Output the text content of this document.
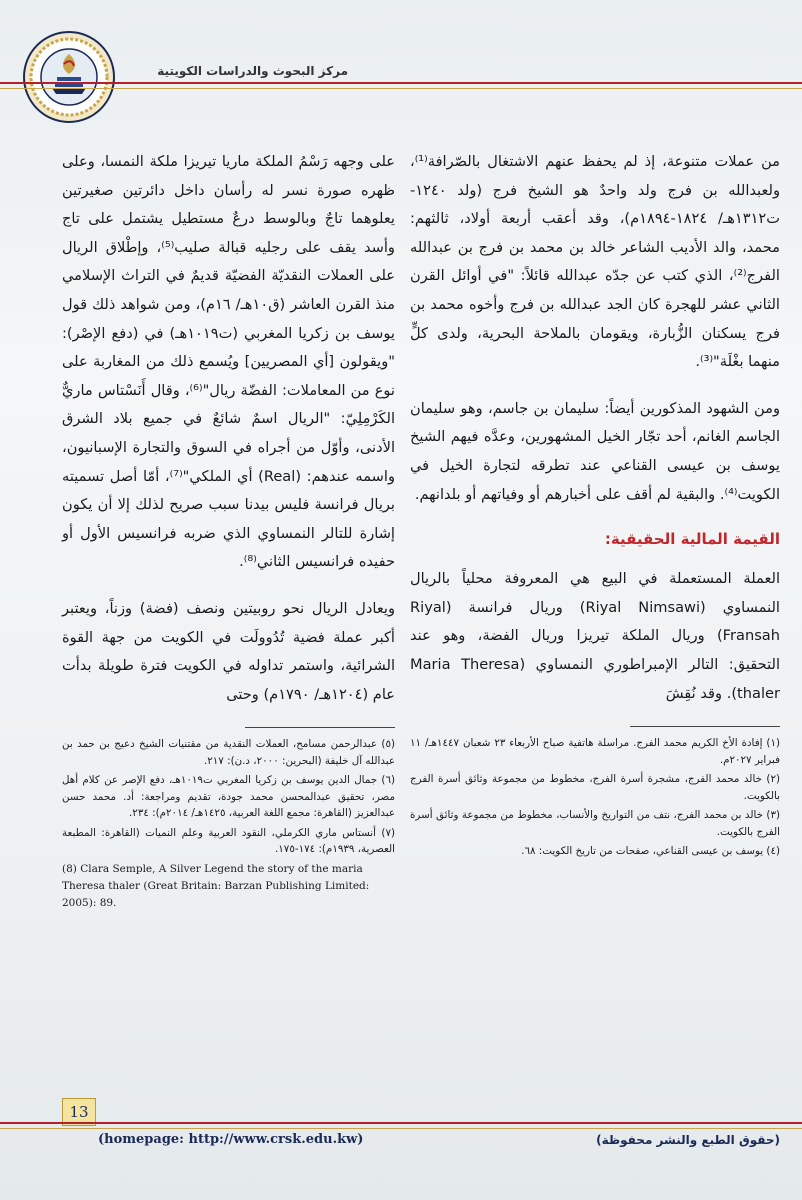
مركز البحوث والدراسات الكويتية

من عملات متنوعة، إذ لم يحفظ عنهم الاشتغال بالصّرافة⁽¹⁾، ولعبدالله بن فرج ولد واحدٌ هو الشيخ فرج (ولد ١٢٤٠-ت١٣١٢هـ/ ١٨٢٤-١٨٩٤م)، وقد أعقب أربعة أولاد، ثالثهم: محمد، والد الأديب الشاعر خالد بن محمد بن فرج بن عبدالله الفرج⁽²⁾، الذي كتب عن جدّه عبدالله قائلاً: "في أوائل القرن الثاني عشر للهجرة كان الجد عبدالله بن فرج وأخوه محمد بن فرج يسكنان الزُّبارة، ويقومان بالملاحة البحرية، ولدى كلٍّ منهما بغْلَة"⁽³⁾.

ومن الشهود المذكورين أيضاً: سليمان بن جاسم، وهو سليمان الجاسم الغانم، أحد تجّار الخيل المشهورين، وعدَّه فيهم الشيخ يوسف بن عيسى القناعي عند تطرقه لتجارة الخيل في الكويت⁽⁴⁾. والبقية لم أقف على أخبارهم أو وفياتهم أو بلدانهم.

القيمة المالية الحقيقية:

العملة المستعملة في البيع هي المعروفة محلياً بالريال النمساوي (Riyal Nimsawi) وريال فرانسة (Riyal Fransah) وريال الملكة تيريزا وريال الفضة، وهو عند التحقيق: التالر الإمبراطوري النمساوي (Maria Theresa thaler). وقد نُقِشَ

(١) إفادة الأخ الكريم محمد الفرج. مراسلة هاتفية صباح الأربعاء ٢٣ شعبان ١٤٤٧هـ/ ١١ فبراير ٢٠٢٧م.
(٢) خالد محمد الفرج، مشجرة أسرة الفرج، مخطوط من مجموعة وثائق أسرة الفرج بالكويت.
(٣) خالد بن محمد الفرج، نتف من التواريخ والأنساب، مخطوط من مجموعة وثائق أسرة الفرج بالكويت.
(٤) يوسف بن عيسى القناعي، صفحات من تاريخ الكويت: ٦٨.

على وجهه رَسْمُ الملكة ماريا تيريزا ملكة النمسا، وعلى ظهره صورة نسر له رأسان داخل دائرتين صغيرتين يعلوهما تاجٌ وبالوسط درعٌ مستطيل يشتمل على تاج وأسد يقف على رجليه قبالة صليب⁽⁵⁾، وإطْلاق الريال على العملات النقديّة الفضيّة قديمٌ في التراث الإسلامي منذ القرن العاشر (ق١٠هـ/ ١٦م)، ومن شواهد ذلك قول يوسف بن زكريا المغربي (ت١٠١٩هـ) في (دفع الإصْر): "ويقولون [أي المصريين] ويُسمع ذلك من المغاربة على نوع من المعاملات: الفضّة ريال"⁽⁶⁾، وقال أَنَسْتاس ماريٌّ الكَرْمِلِيّ: "الريال اسمٌ شائعٌ في جميع بلاد الشرق الأدنى، وأوّل من أجراه في السوق والتجارة الإسبانيون، واسمه عندهم: (Real) أي الملكي"⁽⁷⁾، أمّا أصل تسميته بريال فرانسة فليس بيدنا سبب صريح لذلك إلا أن يكون إشارة للتالر النمساوي الذي ضربه فرانسيس الأول أو حفيده فرانسيس الثاني⁽⁸⁾.

ويعادل الريال نحو روبيتين ونصف (فضة) وزناً، ويعتبر أكبر عملة فضية تُدُوولَت في الكويت من جهة القوة الشرائية، واستمر تداوله في الكويت فترة طويلة بدأت عام (١٢٠٤هـ/ ١٧٩٠م) وحتى

(٥) عبدالرحمن مسامح، العملات النقدية من مقتنيات الشيخ دعيج بن حمد بن عبدالله آل خليفة (البحرين: ٢٠٠٠، د.ن): ٢١٧.
(٦) جمال الدين يوسف بن زكريا المغربي ت١٠١٩هـ، دفع الإصر عن كلام أهل مصر، تحقيق عبدالمحسن محمد جودة، تقديم ومراجعة: أد. محمد حسن عبدالعزيز (القاهرة: مجمع اللغة العربية، ١٤٢٥هـ/ ٢٠١٤م): ٢٣٤.
(٧) أنستاس ماري الكرملي، النقود العربية وعلم النميات (القاهرة: المطبعة العصرية، ١٩٣٩م): ١٧٤-١٧٥.
(8) Clara Semple, A Silver Legend the story of the maria Theresa thaler (Great Britain: Barzan Publishing Limited: 2005): 89.
13
(homepage: http://www.crsk.edu.kw)	(حقوق الطبع والنشر محفوظة)
